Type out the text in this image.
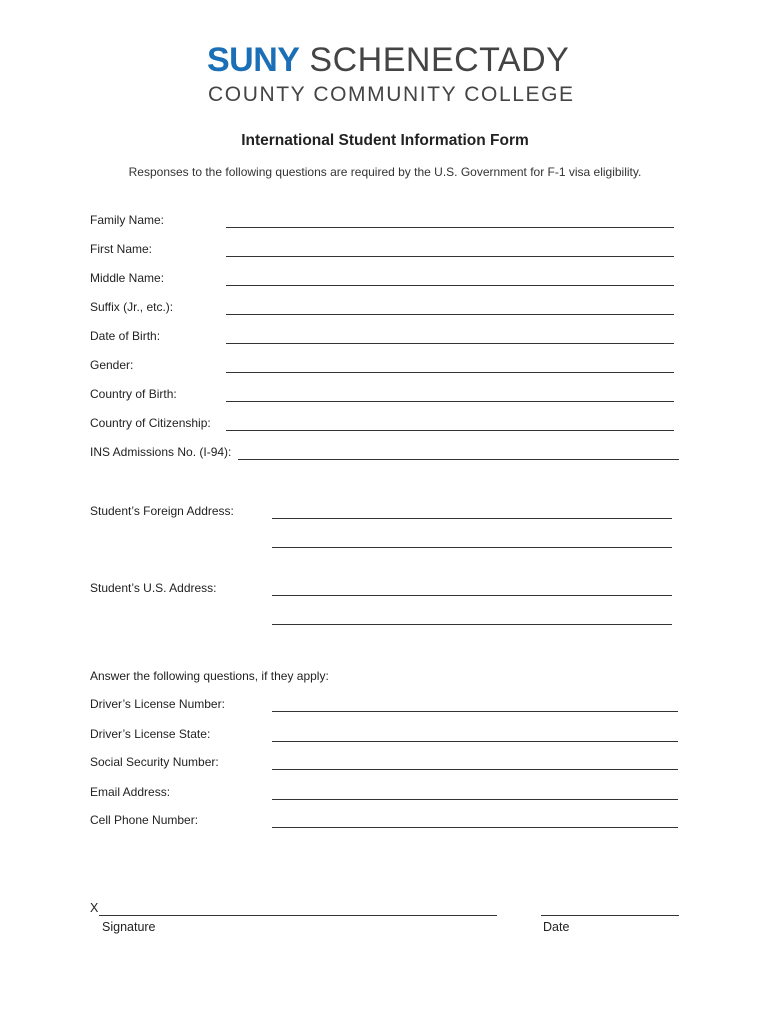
SUNY SCHENECTADY
COUNTY COMMUNITY COLLEGE
International Student Information Form
Responses to the following questions are required by the U.S. Government for F-1 visa eligibility.
Family Name:
First Name:
Middle Name:
Suffix (Jr., etc.):
Date of Birth:
Gender:
Country of Birth:
Country of Citizenship:
INS Admissions No. (I-94):
Student’s Foreign Address:
Student’s U.S. Address:
Answer the following questions, if they apply:
Driver’s License Number:
Driver’s License State:
Social Security Number:
Email Address:
Cell Phone Number:
X
Signature	Date
